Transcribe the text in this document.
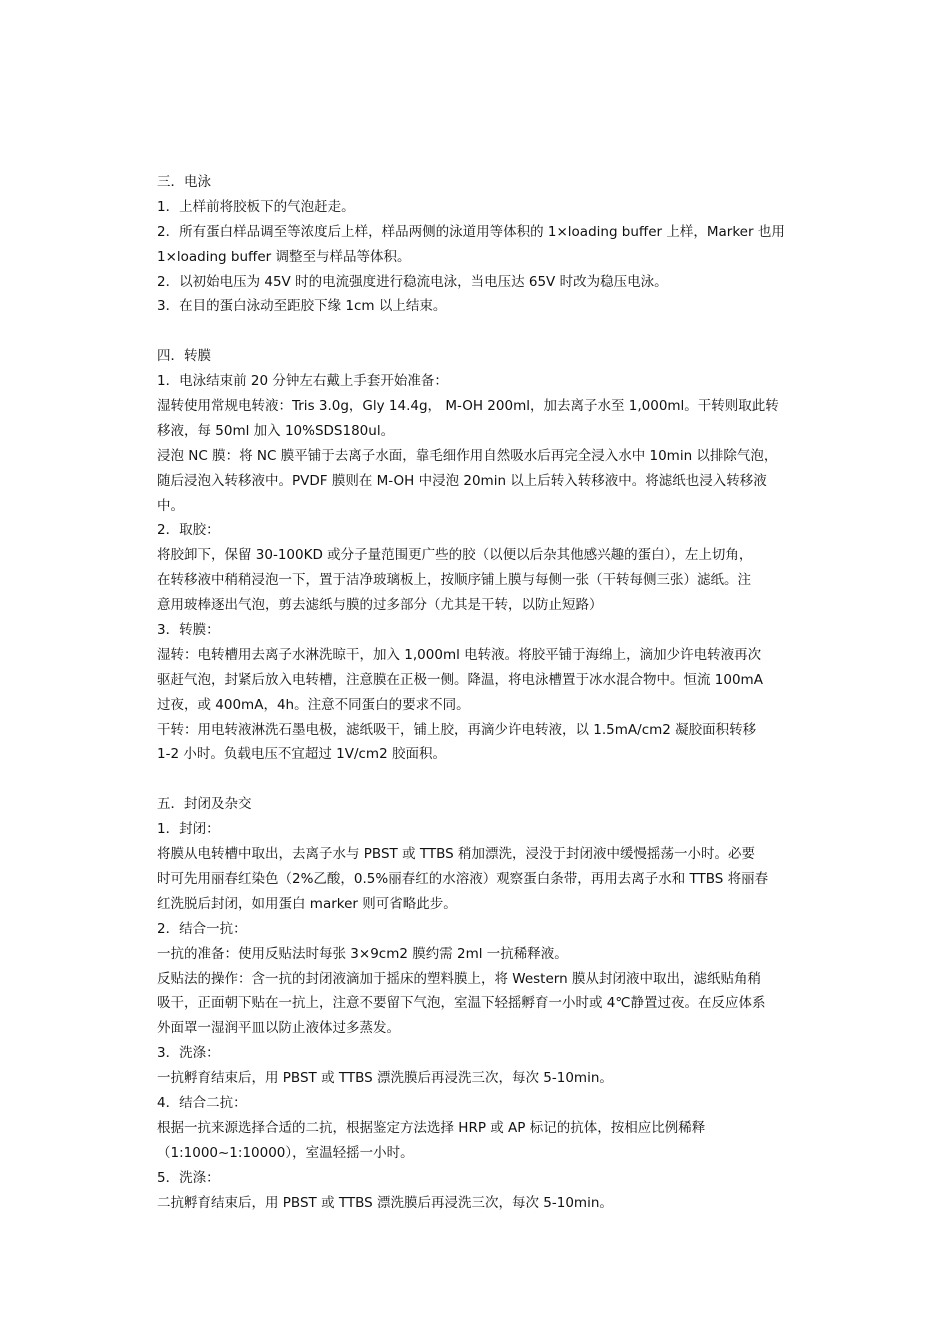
三．电泳
1．上样前将胶板下的气泡赶走。
2．所有蛋白样品调至等浓度后上样，样品两侧的泳道用等体积的 1×loading buffer 上样，Marker 也用
1×loading buffer 调整至与样品等体积。
2．以初始电压为 45V 时的电流强度进行稳流电泳，当电压达 65V 时改为稳压电泳。
3．在目的蛋白泳动至距胶下缘 1cm 以上结束。
四．转膜
1．电泳结束前 20 分钟左右戴上手套开始准备：
湿转使用常规电转液：Tris 3.0g，Gly 14.4g， M-OH 200ml，加去离子水至 1,000ml。干转则取此转
移液，每 50ml 加入 10%SDS180ul。
浸泡 NC 膜：将 NC 膜平铺于去离子水面，靠毛细作用自然吸水后再完全浸入水中 10min 以排除气泡，
随后浸泡入转移液中。PVDF 膜则在 M-OH 中浸泡 20min 以上后转入转移液中。将滤纸也浸入转移液
中。
2．取胶：
将胶卸下，保留 30-100KD 或分子量范围更广些的胶（以便以后杂其他感兴趣的蛋白），左上切角，
在转移液中稍稍浸泡一下，置于洁净玻璃板上，按顺序铺上膜与每侧一张（干转每侧三张）滤纸。注
意用玻棒逐出气泡，剪去滤纸与膜的过多部分（尤其是干转，以防止短路）
3．转膜：
湿转：电转槽用去离子水淋洗晾干，加入 1,000ml 电转液。将胶平铺于海绵上，滴加少许电转液再次
驱赶气泡，封紧后放入电转槽，注意膜在正极一侧。降温，将电泳槽置于冰水混合物中。恒流 100mA
过夜，或 400mA，4h。注意不同蛋白的要求不同。
干转：用电转液淋洗石墨电极，滤纸吸干，铺上胶，再滴少许电转液，以 1.5mA/cm2 凝胶面积转移
1-2 小时。负载电压不宜超过 1V/cm2 胶面积。
五．封闭及杂交
1．封闭：
将膜从电转槽中取出，去离子水与 PBST 或 TTBS 稍加漂洗，浸没于封闭液中缓慢摇荡一小时。必要
时可先用丽春红染色（2%乙酸，0.5%丽春红的水溶液）观察蛋白条带，再用去离子水和 TTBS 将丽春
红洗脱后封闭，如用蛋白 marker 则可省略此步。
2．结合一抗：
一抗的准备：使用反贴法时每张 3×9cm2 膜约需 2ml 一抗稀释液。
反贴法的操作：含一抗的封闭液滴加于摇床的塑料膜上，将 Western 膜从封闭液中取出，滤纸贴角稍
吸干，正面朝下贴在一抗上，注意不要留下气泡，室温下轻摇孵育一小时或 4℃静置过夜。在反应体系
外面罩一湿润平皿以防止液体过多蒸发。
3．洗涤：
一抗孵育结束后，用 PBST 或 TTBS 漂洗膜后再浸洗三次，每次 5-10min。
4．结合二抗：
根据一抗来源选择合适的二抗，根据鉴定方法选择 HRP 或 AP 标记的抗体，按相应比例稀释
（1:1000~1:10000），室温轻摇一小时。
5．洗涤：
二抗孵育结束后，用 PBST 或 TTBS 漂洗膜后再浸洗三次，每次 5-10min。
